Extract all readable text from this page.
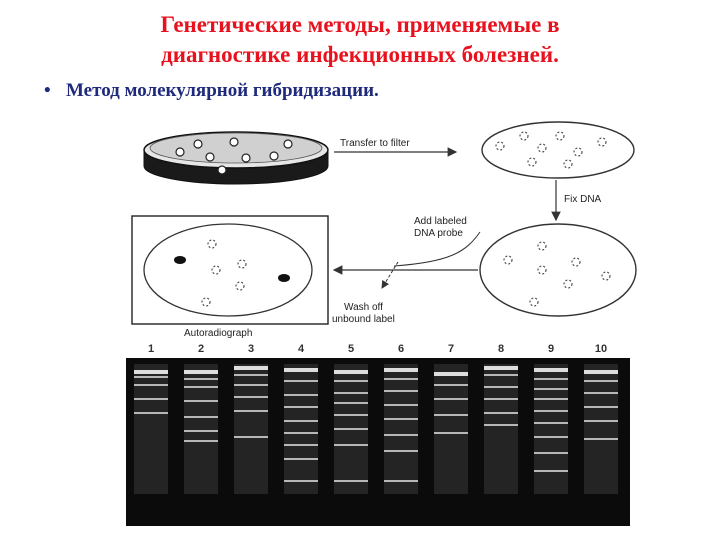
Генетические методы, применяемые в
диагностике инфекционных болезней.
• Метод молекулярной гибридизации.
Transfer to filter
Fix DNA
Add labeled
DNA probe
Wash off
unbound label
Autoradiograph
1	2	3	4	5	6	7	8	9	10
